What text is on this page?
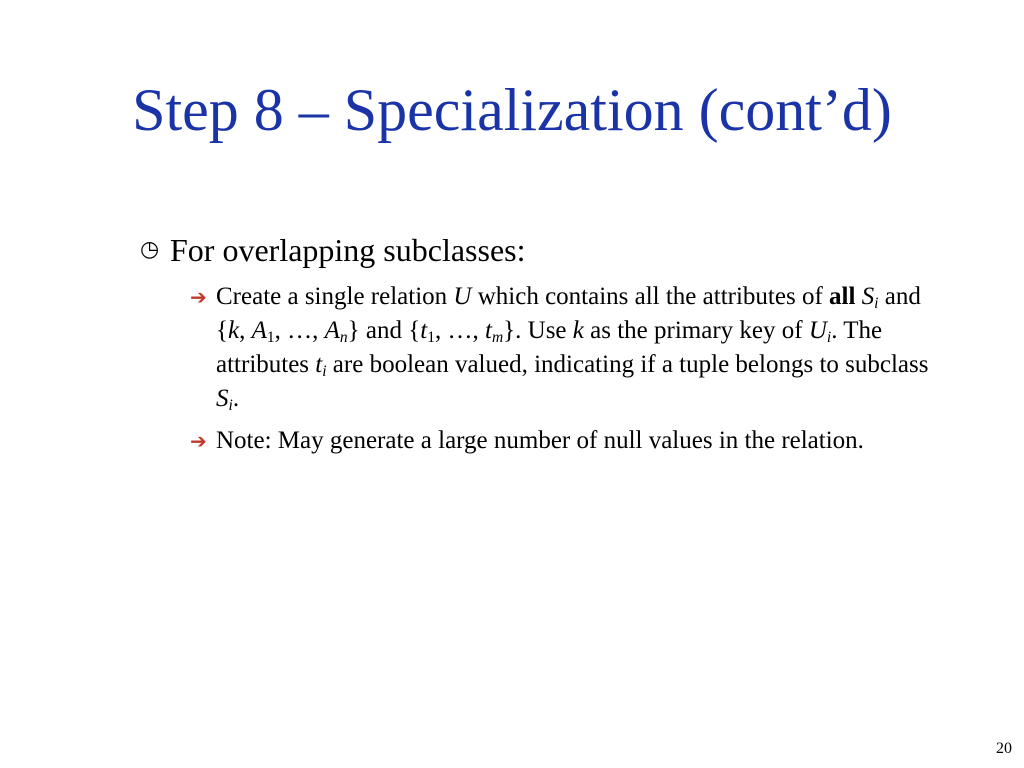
Step 8 – Specialization (cont’d)
◷ For overlapping subclasses:
➔ Create a single relation U which contains all the attributes of all $S_i$ and {k, $A_1$, …, $A_n$} and {$t_1$, …, $t_m$}. Use k as the primary key of $U_i$. The attributes $t_i$ are boolean valued, indicating if a tuple belongs to subclass $S_i$.
➔ Note: May generate a large number of null values in the relation.
20
